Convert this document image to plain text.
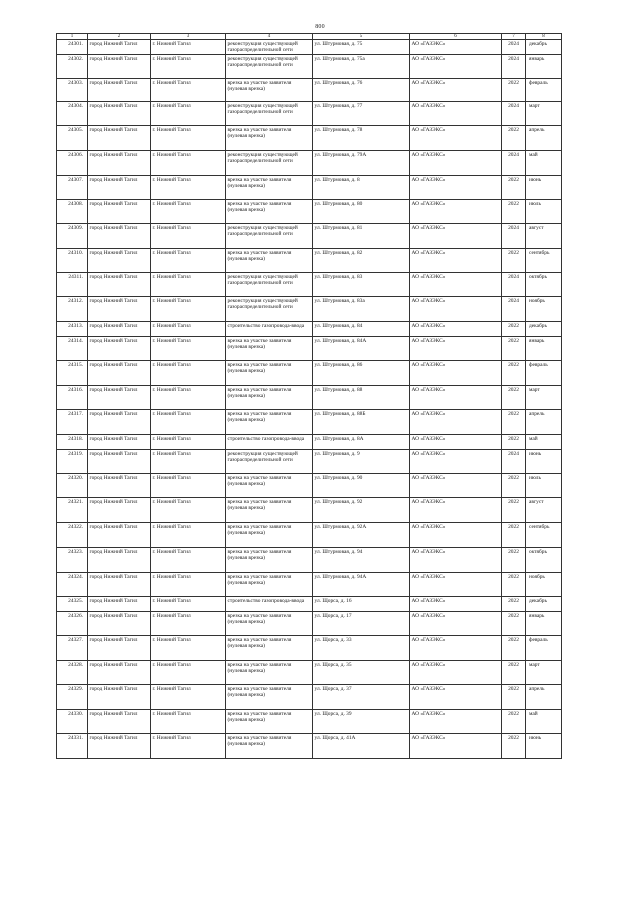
800
1	2	3	4	5	6	7	8
24301.	город Нижний Тагил	г. Нижний Тагил	реконструкция существующей газораспределительной сети	ул. Штурмовая, д. 75	АО «ГАЗЭКС»	2024	декабрь
24302.	город Нижний Тагил	г. Нижний Тагил	реконструкция существующей газораспределительной сети	ул. Штурмовая, д. 75а	АО «ГАЗЭКС»	2024	январь
24303.	город Нижний Тагил	г. Нижний Тагил	врезка на участке заявителя (нулевая врезка)	ул. Штурмовая, д. 76	АО «ГАЗЭКС»	2022	февраль
24304.	город Нижний Тагил	г. Нижний Тагил	реконструкция существующей газораспределительной сети	ул. Штурмовая, д. 77	АО «ГАЗЭКС»	2024	март
24305.	город Нижний Тагил	г. Нижний Тагил	врезка на участке заявителя (нулевая врезка)	ул. Штурмовая, д. 78	АО «ГАЗЭКС»	2022	апрель
24306.	город Нижний Тагил	г. Нижний Тагил	реконструкция существующей газораспределительной сети	ул. Штурмовая, д. 79А	АО «ГАЗЭКС»	2024	май
24307.	город Нижний Тагил	г. Нижний Тагил	врезка на участке заявителя (нулевая врезка)	ул. Штурмовая, д. 8	АО «ГАЗЭКС»	2022	июнь
24308.	город Нижний Тагил	г. Нижний Тагил	врезка на участке заявителя (нулевая врезка)	ул. Штурмовая, д. 80	АО «ГАЗЭКС»	2022	июль
24309.	город Нижний Тагил	г. Нижний Тагил	реконструкция существующей газораспределительной сети	ул. Штурмовая, д. 81	АО «ГАЗЭКС»	2024	август
24310.	город Нижний Тагил	г. Нижний Тагил	врезка на участке заявителя (нулевая врезка)	ул. Штурмовая, д. 82	АО «ГАЗЭКС»	2022	сентябрь
24311.	город Нижний Тагил	г. Нижний Тагил	реконструкция существующей газораспределительной сети	ул. Штурмовая, д. 83	АО «ГАЗЭКС»	2024	октябрь
24312.	город Нижний Тагил	г. Нижний Тагил	реконструкция существующей газораспределительной сети	ул. Штурмовая, д. 83а	АО «ГАЗЭКС»	2024	ноябрь
24313.	город Нижний Тагил	г. Нижний Тагил	строительство газопровода-ввода	ул. Штурмовая, д. 84	АО «ГАЗЭКС»	2022	декабрь
24314.	город Нижний Тагил	г. Нижний Тагил	врезка на участке заявителя (нулевая врезка)	ул. Штурмовая, д. 84А	АО «ГАЗЭКС»	2022	январь
24315.	город Нижний Тагил	г. Нижний Тагил	врезка на участке заявителя (нулевая врезка)	ул. Штурмовая, д. 86	АО «ГАЗЭКС»	2022	февраль
24316.	город Нижний Тагил	г. Нижний Тагил	врезка на участке заявителя (нулевая врезка)	ул. Штурмовая, д. 88	АО «ГАЗЭКС»	2022	март
24317.	город Нижний Тагил	г. Нижний Тагил	врезка на участке заявителя (нулевая врезка)	ул. Штурмовая, д. 88Б	АО «ГАЗЭКС»	2022	апрель
24318.	город Нижний Тагил	г. Нижний Тагил	строительство газопровода-ввода	ул. Штурмовая, д. 8А	АО «ГАЗЭКС»	2022	май
24319.	город Нижний Тагил	г. Нижний Тагил	реконструкция существующей газораспределительной сети	ул. Штурмовая, д. 9	АО «ГАЗЭКС»	2024	июнь
24320.	город Нижний Тагил	г. Нижний Тагил	врезка на участке заявителя (нулевая врезка)	ул. Штурмовая, д. 90	АО «ГАЗЭКС»	2022	июль
24321.	город Нижний Тагил	г. Нижний Тагил	врезка на участке заявителя (нулевая врезка)	ул. Штурмовая, д. 92	АО «ГАЗЭКС»	2022	август
24322.	город Нижний Тагил	г. Нижний Тагил	врезка на участке заявителя (нулевая врезка)	ул. Штурмовая, д. 92А	АО «ГАЗЭКС»	2022	сентябрь
24323.	город Нижний Тагил	г. Нижний Тагил	врезка на участке заявителя (нулевая врезка)	ул. Штурмовая, д. 94	АО «ГАЗЭКС»	2022	октябрь
24324.	город Нижний Тагил	г. Нижний Тагил	врезка на участке заявителя (нулевая врезка)	ул. Штурмовая, д. 94А	АО «ГАЗЭКС»	2022	ноябрь
24325.	город Нижний Тагил	г. Нижний Тагил	строительство газопровода-ввода	ул. Щорса, д. 16	АО «ГАЗЭКС»	2022	декабрь
24326.	город Нижний Тагил	г. Нижний Тагил	врезка на участке заявителя (нулевая врезка)	ул. Щорса, д. 17	АО «ГАЗЭКС»	2022	январь
24327.	город Нижний Тагил	г. Нижний Тагил	врезка на участке заявителя (нулевая врезка)	ул. Щорса, д. 33	АО «ГАЗЭКС»	2022	февраль
24328.	город Нижний Тагил	г. Нижний Тагил	врезка на участке заявителя (нулевая врезка)	ул. Щорса, д. 35	АО «ГАЗЭКС»	2022	март
24329.	город Нижний Тагил	г. Нижний Тагил	врезка на участке заявителя (нулевая врезка)	ул. Щорса, д. 37	АО «ГАЗЭКС»	2022	апрель
24330.	город Нижний Тагил	г. Нижний Тагил	врезка на участке заявителя (нулевая врезка)	ул. Щорса, д. 39	АО «ГАЗЭКС»	2022	май
24331.	город Нижний Тагил	г. Нижний Тагил	врезка на участке заявителя (нулевая врезка)	ул. Щорса, д. 41А	АО «ГАЗЭКС»	2022	июнь
